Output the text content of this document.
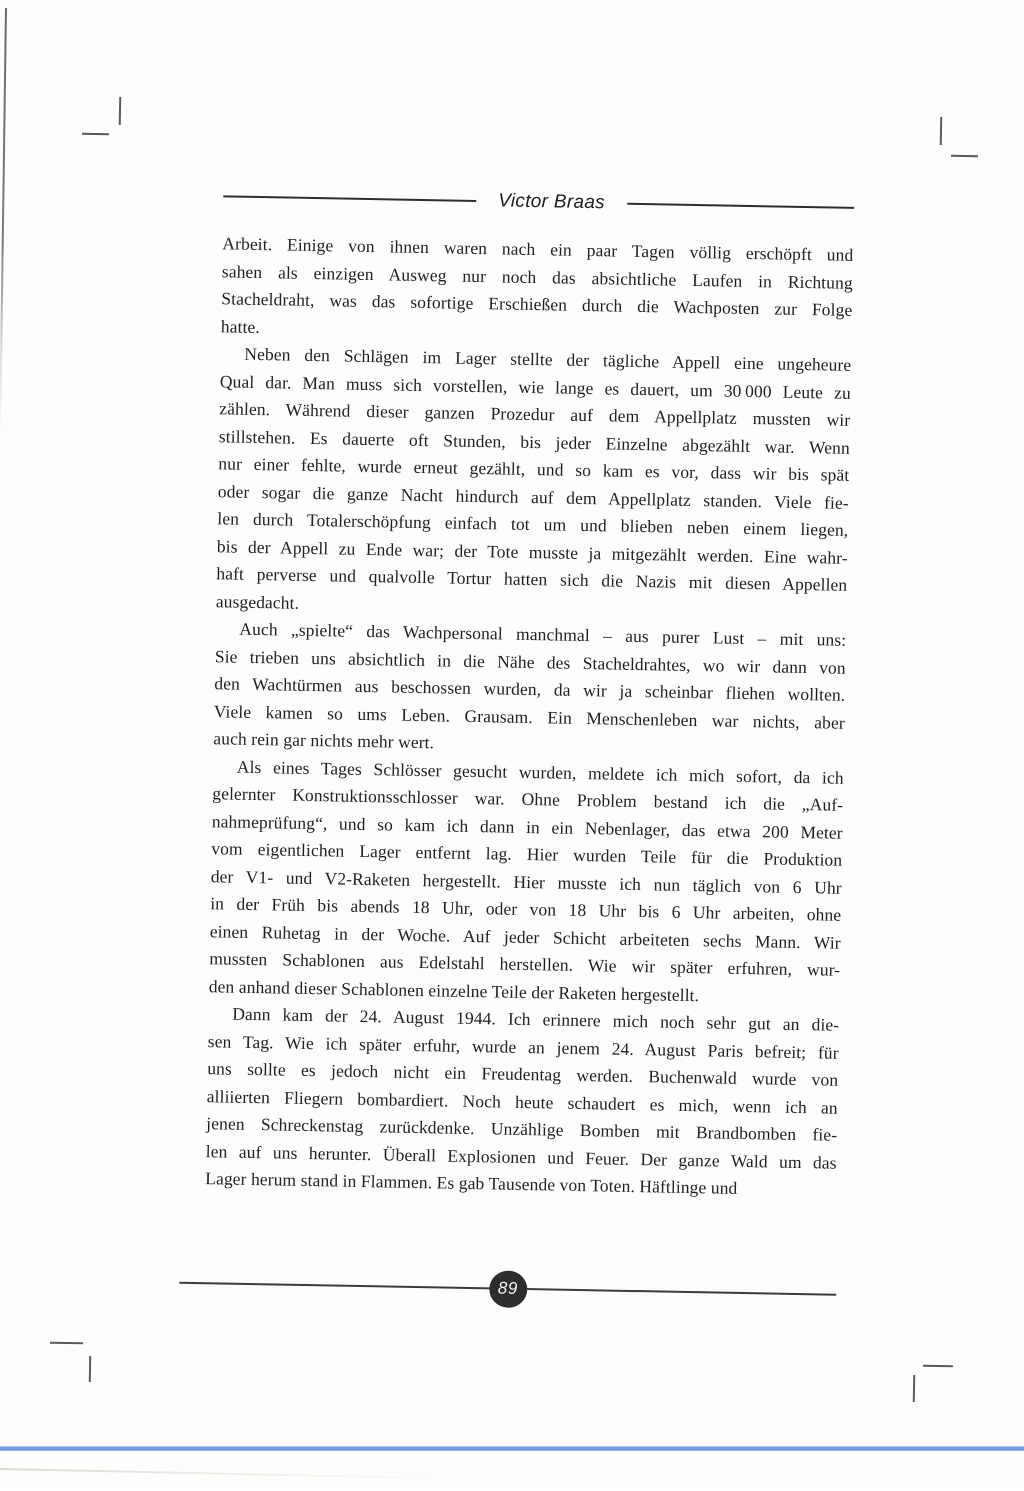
Victor Braas
Arbeit. Einige von ihnen waren nach ein paar Tagen völlig erschöpft und
sahen als einzigen Ausweg nur noch das absichtliche Laufen in Richtung
Stacheldraht, was das sofortige Erschießen durch die Wachposten zur Folge
hatte.
Neben den Schlägen im Lager stellte der tägliche Appell eine ungeheure
Qual dar. Man muss sich vorstellen, wie lange es dauert, um 30 000 Leute zu
zählen. Während dieser ganzen Prozedur auf dem Appellplatz mussten wir
stillstehen. Es dauerte oft Stunden, bis jeder Einzelne abgezählt war. Wenn
nur einer fehlte, wurde erneut gezählt, und so kam es vor, dass wir bis spät
oder sogar die ganze Nacht hindurch auf dem Appellplatz standen. Viele fie-
len durch Totalerschöpfung einfach tot um und blieben neben einem liegen,
bis der Appell zu Ende war; der Tote musste ja mitgezählt werden. Eine wahr-
haft perverse und qualvolle Tortur hatten sich die Nazis mit diesen Appellen
ausgedacht.
Auch „spielte“ das Wachpersonal manchmal – aus purer Lust – mit uns:
Sie trieben uns absichtlich in die Nähe des Stacheldrahtes, wo wir dann von
den Wachtürmen aus beschossen wurden, da wir ja scheinbar fliehen wollten.
Viele kamen so ums Leben. Grausam. Ein Menschenleben war nichts, aber
auch rein gar nichts mehr wert.
Als eines Tages Schlösser gesucht wurden, meldete ich mich sofort, da ich
gelernter Konstruktionsschlosser war. Ohne Problem bestand ich die „Auf-
nahmeprüfung“, und so kam ich dann in ein Nebenlager, das etwa 200 Meter
vom eigentlichen Lager entfernt lag. Hier wurden Teile für die Produktion
der V1- und V2-Raketen hergestellt. Hier musste ich nun täglich von 6 Uhr
in der Früh bis abends 18 Uhr, oder von 18 Uhr bis 6 Uhr arbeiten, ohne
einen Ruhetag in der Woche. Auf jeder Schicht arbeiteten sechs Mann. Wir
mussten Schablonen aus Edelstahl herstellen. Wie wir später erfuhren, wur-
den anhand dieser Schablonen einzelne Teile der Raketen hergestellt.
Dann kam der 24. August 1944. Ich erinnere mich noch sehr gut an die-
sen Tag. Wie ich später erfuhr, wurde an jenem 24. August Paris befreit; für
uns sollte es jedoch nicht ein Freudentag werden. Buchenwald wurde von
alliierten Fliegern bombardiert. Noch heute schaudert es mich, wenn ich an
jenen Schreckenstag zurückdenke. Unzählige Bomben mit Brandbomben fie-
len auf uns herunter. Überall Explosionen und Feuer. Der ganze Wald um das
Lager herum stand in Flammen. Es gab Tausende von Toten. Häftlinge und
89
